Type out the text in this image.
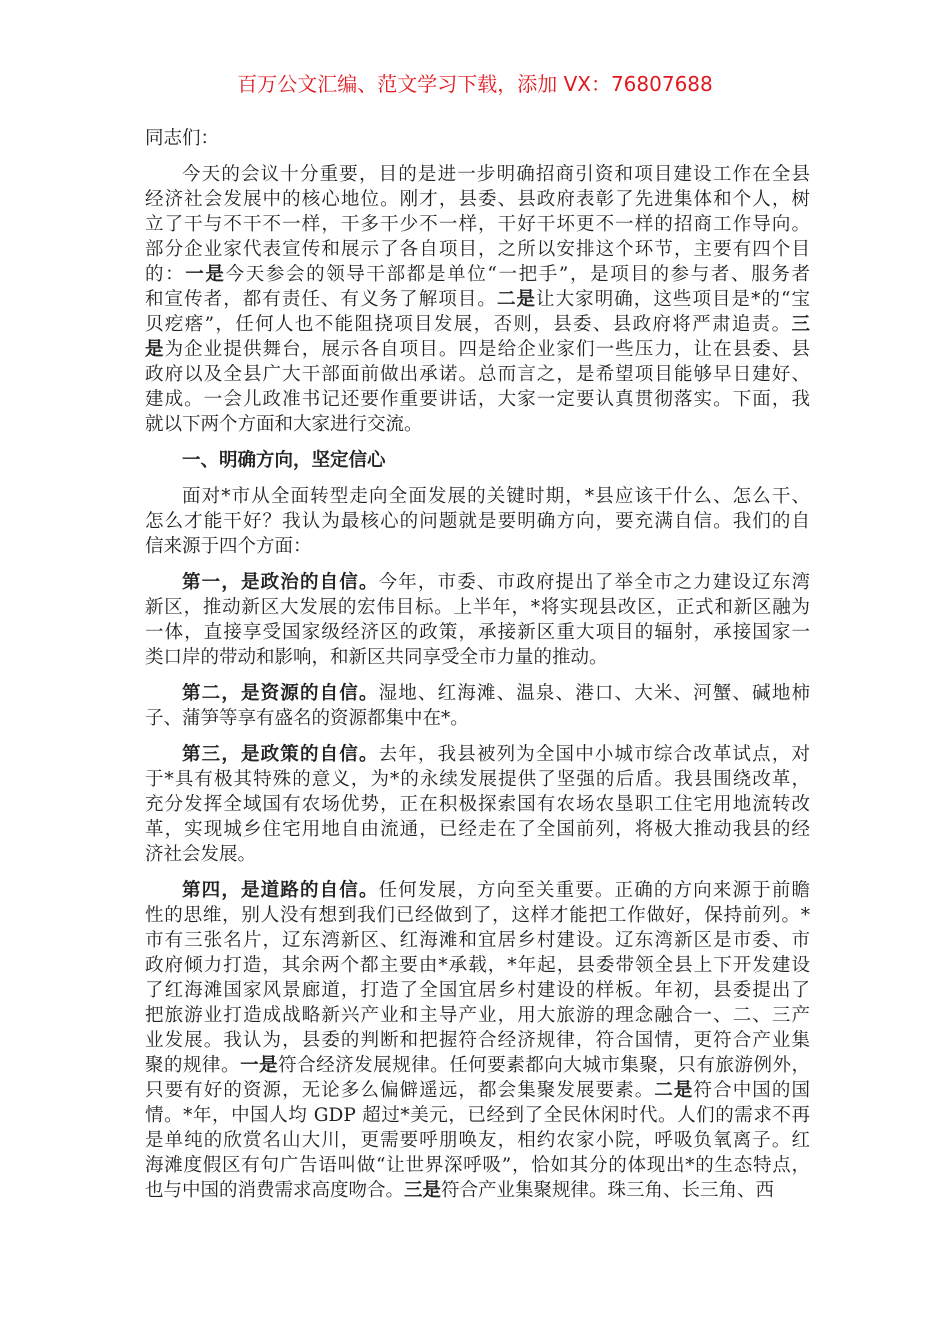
百万公文汇编、范文学习下载，添加 VX：76807688
同志们：
今天的会议十分重要，目的是进一步明确招商引资和项目建设工作在全县
经济社会发展中的核心地位。刚才，县委、县政府表彰了先进集体和个人，树
立了干与不干不一样，干多干少不一样，干好干坏更不一样的招商工作导向。
部分企业家代表宣传和展示了各自项目，之所以安排这个环节，主要有四个目
的：一是今天参会的领导干部都是单位“一把手”，是项目的参与者、服务者
和宣传者，都有责任、有义务了解项目。二是让大家明确，这些项目是*的“宝
贝疙瘩”，任何人也不能阻挠项目发展，否则，县委、县政府将严肃追责。三
是为企业提供舞台，展示各自项目。四是给企业家们一些压力，让在县委、县
政府以及全县广大干部面前做出承诺。总而言之，是希望项目能够早日建好、
建成。一会儿政准书记还要作重要讲话，大家一定要认真贯彻落实。下面，我
就以下两个方面和大家进行交流。
一、明确方向，坚定信心
面对*市从全面转型走向全面发展的关键时期，*县应该干什么、怎么干、
怎么才能干好？我认为最核心的问题就是要明确方向，要充满自信。我们的自
信来源于四个方面：
第一，是政治的自信。今年，市委、市政府提出了举全市之力建设辽东湾
新区，推动新区大发展的宏伟目标。上半年，*将实现县改区，正式和新区融为
一体，直接享受国家级经济区的政策，承接新区重大项目的辐射，承接国家一
类口岸的带动和影响，和新区共同享受全市力量的推动。
第二，是资源的自信。湿地、红海滩、温泉、港口、大米、河蟹、碱地柿
子、蒲笋等享有盛名的资源都集中在*。
第三，是政策的自信。去年，我县被列为全国中小城市综合改革试点，对
于*具有极其特殊的意义，为*的永续发展提供了坚强的后盾。我县围绕改革，
充分发挥全域国有农场优势，正在积极探索国有农场农垦职工住宅用地流转改
革，实现城乡住宅用地自由流通，已经走在了全国前列，将极大推动我县的经
济社会发展。
第四，是道路的自信。任何发展，方向至关重要。正确的方向来源于前瞻
性的思维，别人没有想到我们已经做到了，这样才能把工作做好，保持前列。*
市有三张名片，辽东湾新区、红海滩和宜居乡村建设。辽东湾新区是市委、市
政府倾力打造，其余两个都主要由*承载，*年起，县委带领全县上下开发建设
了红海滩国家风景廊道，打造了全国宜居乡村建设的样板。年初，县委提出了
把旅游业打造成战略新兴产业和主导产业，用大旅游的理念融合一、二、三产
业发展。我认为，县委的判断和把握符合经济规律，符合国情，更符合产业集
聚的规律。一是符合经济发展规律。任何要素都向大城市集聚，只有旅游例外，
只要有好的资源，无论多么偏僻遥远，都会集聚发展要素。二是符合中国的国
情。*年，中国人均 GDP 超过*美元，已经到了全民休闲时代。人们的需求不再
是单纯的欣赏名山大川，更需要呼朋唤友，相约农家小院，呼吸负氧离子。红
海滩度假区有句广告语叫做“让世界深呼吸”，恰如其分的体现出*的生态特点，
也与中国的消费需求高度吻合。三是符合产业集聚规律。珠三角、长三角、西
